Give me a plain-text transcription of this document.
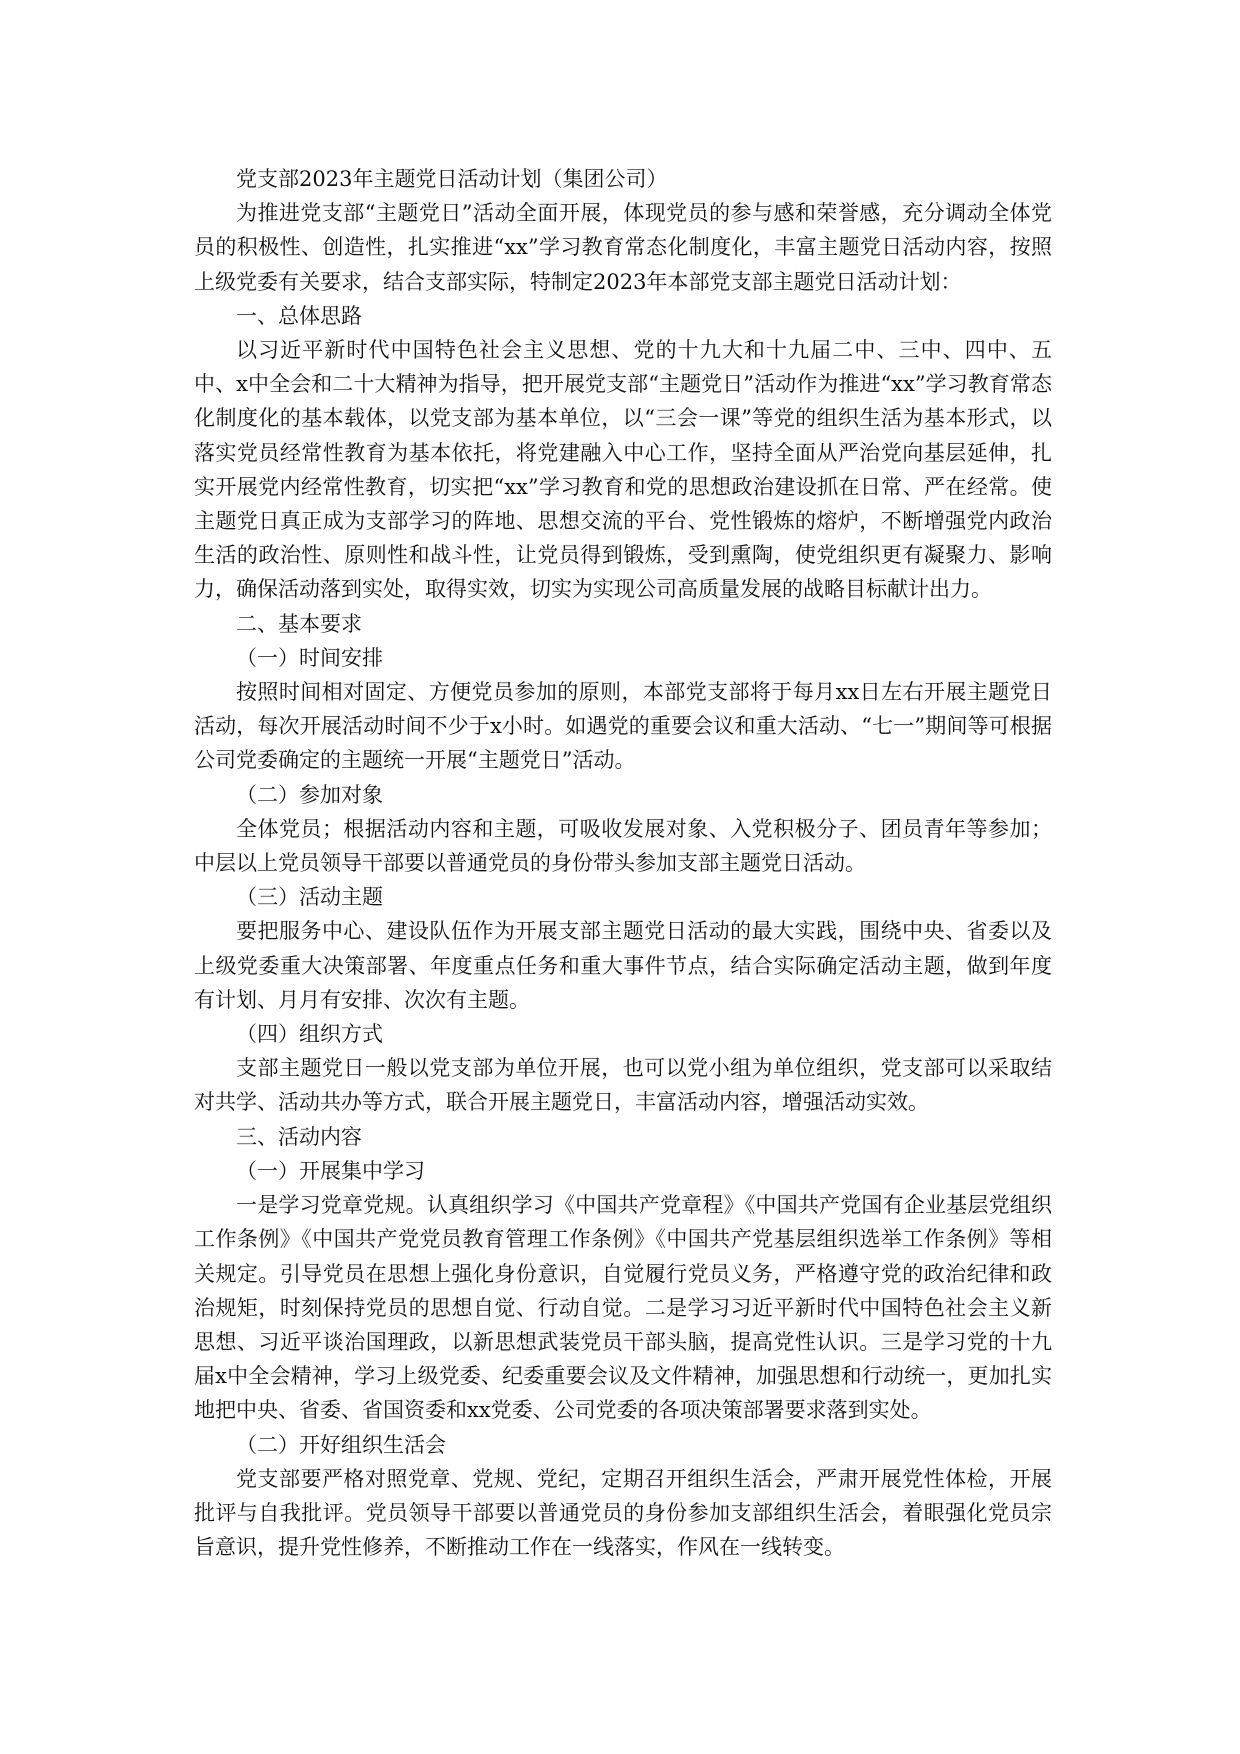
党支部2023年主题党日活动计划（集团公司）

为推进党支部“主题党日”活动全面开展，体现党员的参与感和荣誉感，充分调动全体党员的积极性、创造性，扎实推进“xx”学习教育常态化制度化，丰富主题党日活动内容，按照上级党委有关要求，结合支部实际，特制定2023年本部党支部主题党日活动计划：

一、总体思路

以习近平新时代中国特色社会主义思想、党的十九大和十九届二中、三中、四中、五中、x中全会和二十大精神为指导，把开展党支部“主题党日”活动作为推进“xx”学习教育常态化制度化的基本载体，以党支部为基本单位，以“三会一课”等党的组织生活为基本形式，以落实党员经常性教育为基本依托，将党建融入中心工作，坚持全面从严治党向基层延伸，扎实开展党内经常性教育，切实把“xx”学习教育和党的思想政治建设抓在日常、严在经常。使主题党日真正成为支部学习的阵地、思想交流的平台、党性锻炼的熔炉，不断增强党内政治生活的政治性、原则性和战斗性，让党员得到锻炼，受到熏陶，使党组织更有凝聚力、影响力，确保活动落到实处，取得实效，切实为实现公司高质量发展的战略目标献计出力。

二、基本要求

（一）时间安排

按照时间相对固定、方便党员参加的原则，本部党支部将于每月xx日左右开展主题党日活动，每次开展活动时间不少于x小时。如遇党的重要会议和重大活动、“七一”期间等可根据公司党委确定的主题统一开展“主题党日”活动。

（二）参加对象

全体党员；根据活动内容和主题，可吸收发展对象、入党积极分子、团员青年等参加；中层以上党员领导干部要以普通党员的身份带头参加支部主题党日活动。

（三）活动主题

要把服务中心、建设队伍作为开展支部主题党日活动的最大实践，围绕中央、省委以及上级党委重大决策部署、年度重点任务和重大事件节点，结合实际确定活动主题，做到年度有计划、月月有安排、次次有主题。

（四）组织方式

支部主题党日一般以党支部为单位开展，也可以党小组为单位组织，党支部可以采取结对共学、活动共办等方式，联合开展主题党日，丰富活动内容，增强活动实效。

三、活动内容

（一）开展集中学习

一是学习党章党规。认真组织学习《中国共产党章程》《中国共产党国有企业基层党组织工作条例》《中国共产党党员教育管理工作条例》《中国共产党基层组织选举工作条例》等相关规定。引导党员在思想上强化身份意识，自觉履行党员义务，严格遵守党的政治纪律和政治规矩，时刻保持党员的思想自觉、行动自觉。二是学习习近平新时代中国特色社会主义新思想、习近平谈治国理政，以新思想武装党员干部头脑，提高党性认识。三是学习党的十九届x中全会精神，学习上级党委、纪委重要会议及文件精神，加强思想和行动统一，更加扎实地把中央、省委、省国资委和xx党委、公司党委的各项决策部署要求落到实处。

（二）开好组织生活会

党支部要严格对照党章、党规、党纪，定期召开组织生活会，严肃开展党性体检，开展批评与自我批评。党员领导干部要以普通党员的身份参加支部组织生活会，着眼强化党员宗旨意识，提升党性修养，不断推动工作在一线落实，作风在一线转变。
